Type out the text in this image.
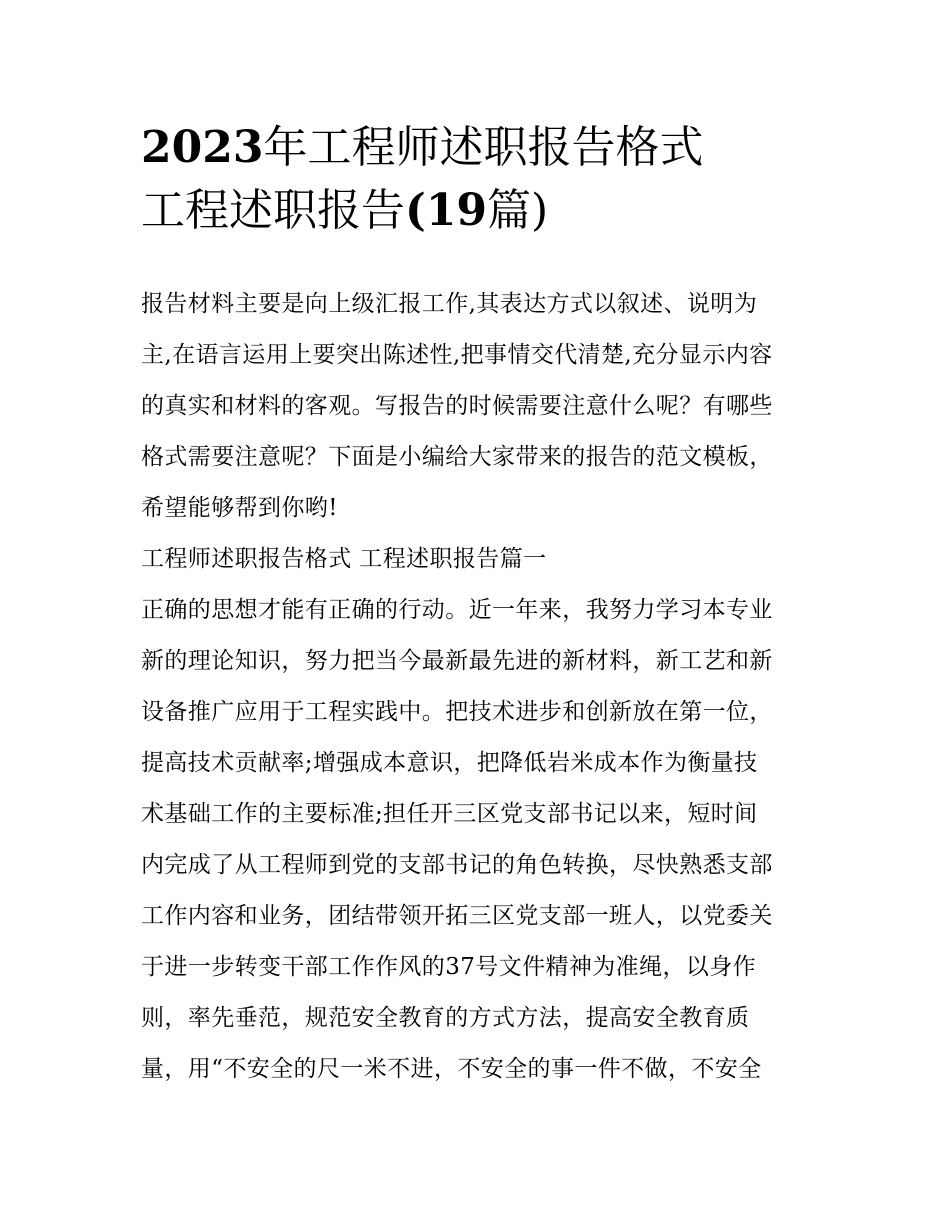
2023年工程师述职报告格式
工程述职报告(19篇)
报告材料主要是向上级汇报工作,其表达方式以叙述、说明为
主,在语言运用上要突出陈述性,把事情交代清楚,充分显示内容
的真实和材料的客观。写报告的时候需要注意什么呢？有哪些
格式需要注意呢？下面是小编给大家带来的报告的范文模板，
希望能够帮到你哟!
工程师述职报告格式 工程述职报告篇一
正确的思想才能有正确的行动。近一年来，我努力学习本专业
新的理论知识，努力把当今最新最先进的新材料，新工艺和新
设备推广应用于工程实践中。把技术进步和创新放在第一位，
提高技术贡献率;增强成本意识，把降低岩米成本作为衡量技
术基础工作的主要标准;担任开三区党支部书记以来，短时间
内完成了从工程师到党的支部书记的角色转换，尽快熟悉支部
工作内容和业务，团结带领开拓三区党支部一班人，以党委关
于进一步转变干部工作作风的37号文件精神为准绳，以身作
则，率先垂范，规范安全教育的方式方法，提高安全教育质
量，用“不安全的尺一米不进，不安全的事一件不做，不安全
